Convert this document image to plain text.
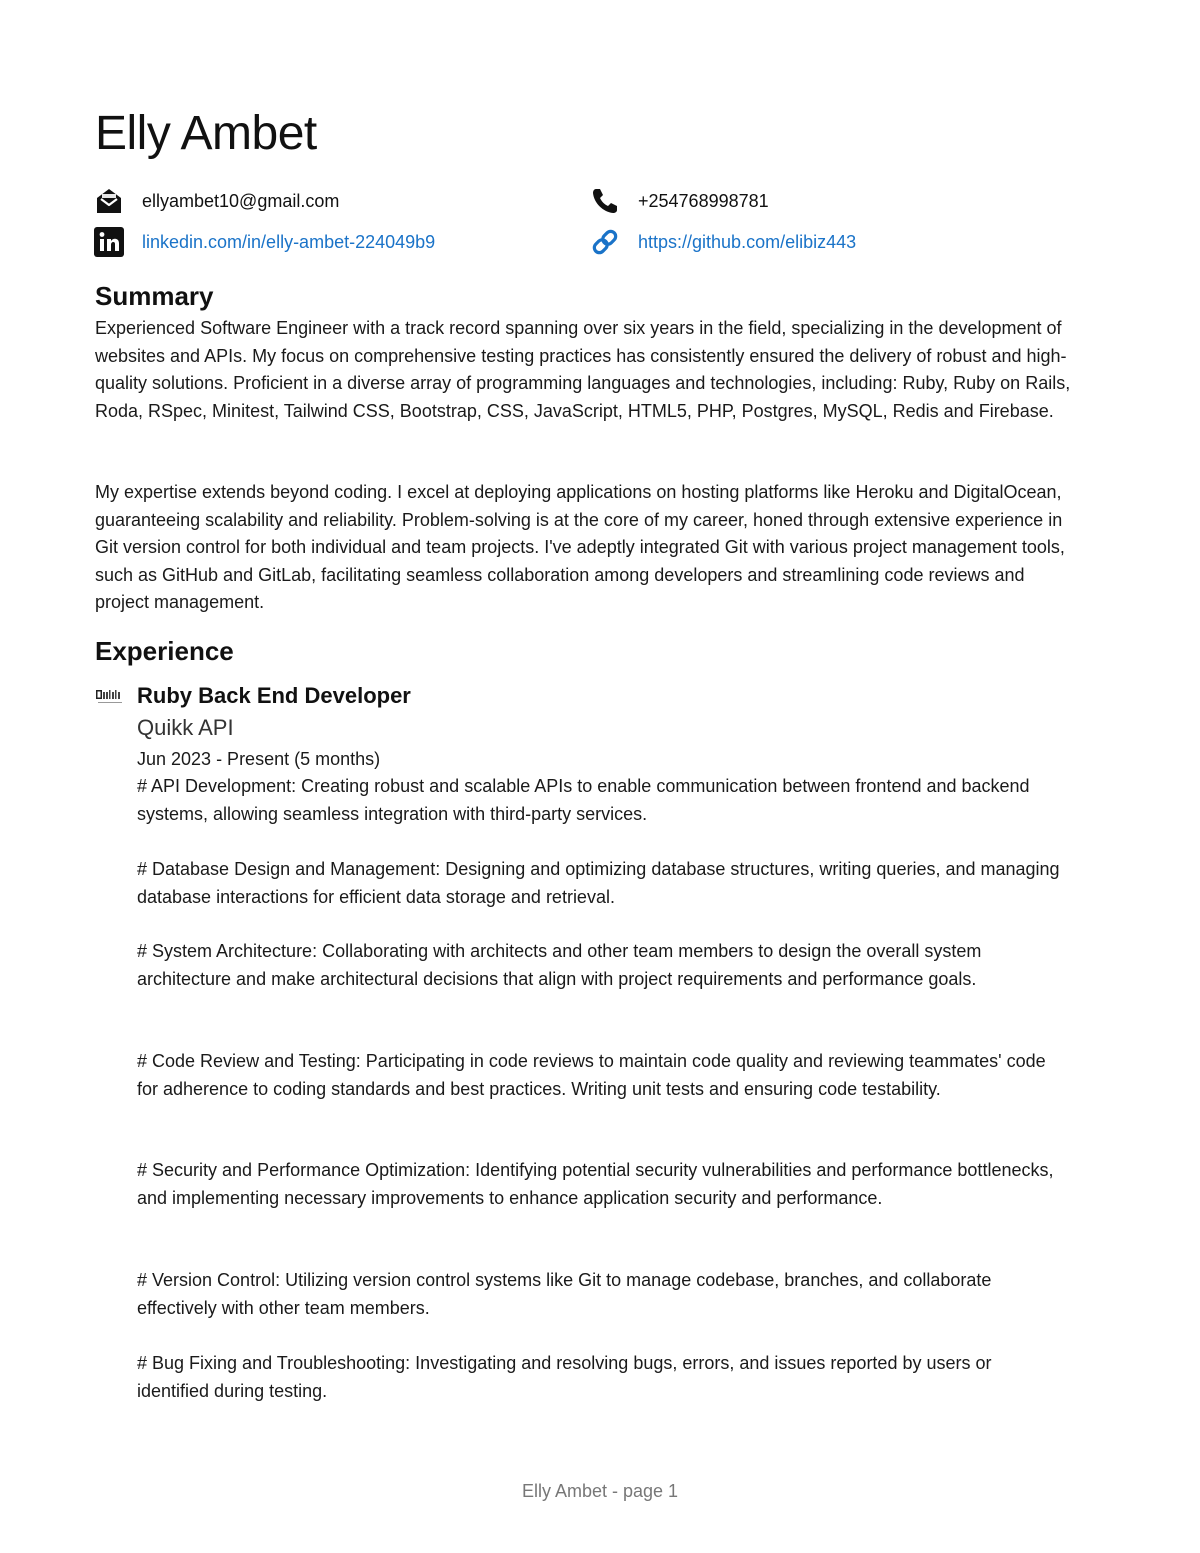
Elly Ambet
ellyambet10@gmail.com	+254768998781
linkedin.com/in/elly-ambet-224049b9	https://github.com/elibiz443
Summary

Experienced Software Engineer with a track record spanning over six years in the field, specializing in the development of websites and APIs. My focus on comprehensive testing practices has consistently ensured the delivery of robust and high-quality solutions. Proficient in a diverse array of programming languages and technologies, including: Ruby, Ruby on Rails, Roda, RSpec, Minitest, Tailwind CSS, Bootstrap, CSS, JavaScript, HTML5, PHP, Postgres, MySQL, Redis and Firebase.

My expertise extends beyond coding. I excel at deploying applications on hosting platforms like Heroku and DigitalOcean, guaranteeing scalability and reliability. Problem-solving is at the core of my career, honed through extensive experience in Git version control for both individual and team projects. I've adeptly integrated Git with various project management tools, such as GitHub and GitLab, facilitating seamless collaboration among developers and streamlining code reviews and project management.

Experience
Ruby Back End Developer
Quikk API
Jun 2023 - Present (5 months)

# API Development: Creating robust and scalable APIs to enable communication between frontend and backend systems, allowing seamless integration with third-party services.

# Database Design and Management: Designing and optimizing database structures, writing queries, and managing database interactions for efficient data storage and retrieval.

# System Architecture: Collaborating with architects and other team members to design the overall system architecture and make architectural decisions that align with project requirements and performance goals.

# Code Review and Testing: Participating in code reviews to maintain code quality and reviewing teammates' code for adherence to coding standards and best practices. Writing unit tests and ensuring code testability.

# Security and Performance Optimization: Identifying potential security vulnerabilities and performance bottlenecks, and implementing necessary improvements to enhance application security and performance.

# Version Control: Utilizing version control systems like Git to manage codebase, branches, and collaborate effectively with other team members.

# Bug Fixing and Troubleshooting: Investigating and resolving bugs, errors, and issues reported by users or identified during testing.

Elly Ambet - page 1
